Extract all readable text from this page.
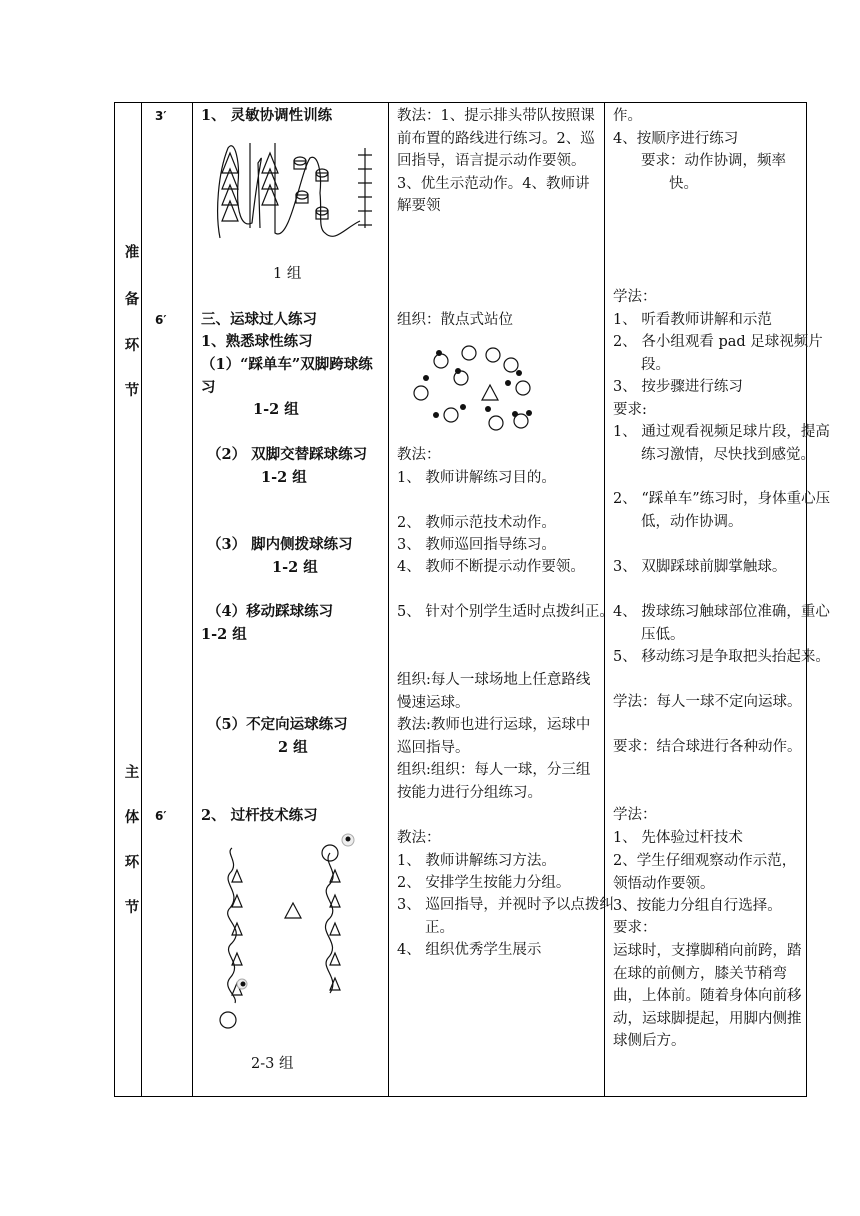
准
备
环
节
主
体
环
节
3′
6′
6′
1、 灵敏协调性训练
1 组
三、运球过人练习
1、熟悉球性练习
（1）“踩单车”双脚跨球练习
1-2 组
（2） 双脚交替踩球练习 1-2 组
（3） 脚内侧拨球练习
1-2 组
（4）移动踩球练习
1-2 组
（5）不定向运球练习
2 组
2、 过杆技术练习
2-3 组
教法：1、提示排头带队按照课前布置的路线进行练习。2、巡回指导，语言提示动作要领。3、优生示范动作。4、教师讲解要领
组织：散点式站位
教法：
1、 教师讲解练习目的。
2、 教师示范技术动作。
3、 教师巡回指导练习。
4、 教师不断提示动作要领。
5、 针对个别学生适时点拨纠正。
组织:每人一球场地上任意路线慢速运球。
教法:教师也进行运球，运球中巡回指导。
组织:组织：每人一球，分三组按能力进行分组练习。
教法：
1、 教师讲解练习方法。
2、 安排学生按能力分组。
3、 巡回指导，并视时予以点拨纠正。
4、 组织优秀学生展示
作。
4、按顺序进行练习
要求：动作协调，频率快。
学法：
1、 听看教师讲解和示范
2、 各小组观看 pad 足球视频片段。
3、 按步骤进行练习
要求:
1、 通过观看视频足球片段，提高练习激情，尽快找到感觉。
2、 “踩单车”练习时，身体重心压低，动作协调。
3、 双脚踩球前脚掌触球。
4、 拨球练习触球部位准确，重心压低。
5、 移动练习是争取把头抬起来。
学法：每人一球不定向运球。
要求：结合球进行各种动作。
学法：
1、 先体验过杆技术
2、学生仔细观察动作示范，领悟动作要领。
3、按能力分组自行选择。
要求：
运球时，支撑脚稍向前跨，踏在球的前侧方，膝关节稍弯曲，上体前。随着身体向前移动，运球脚提起，用脚内侧推球侧后方。
